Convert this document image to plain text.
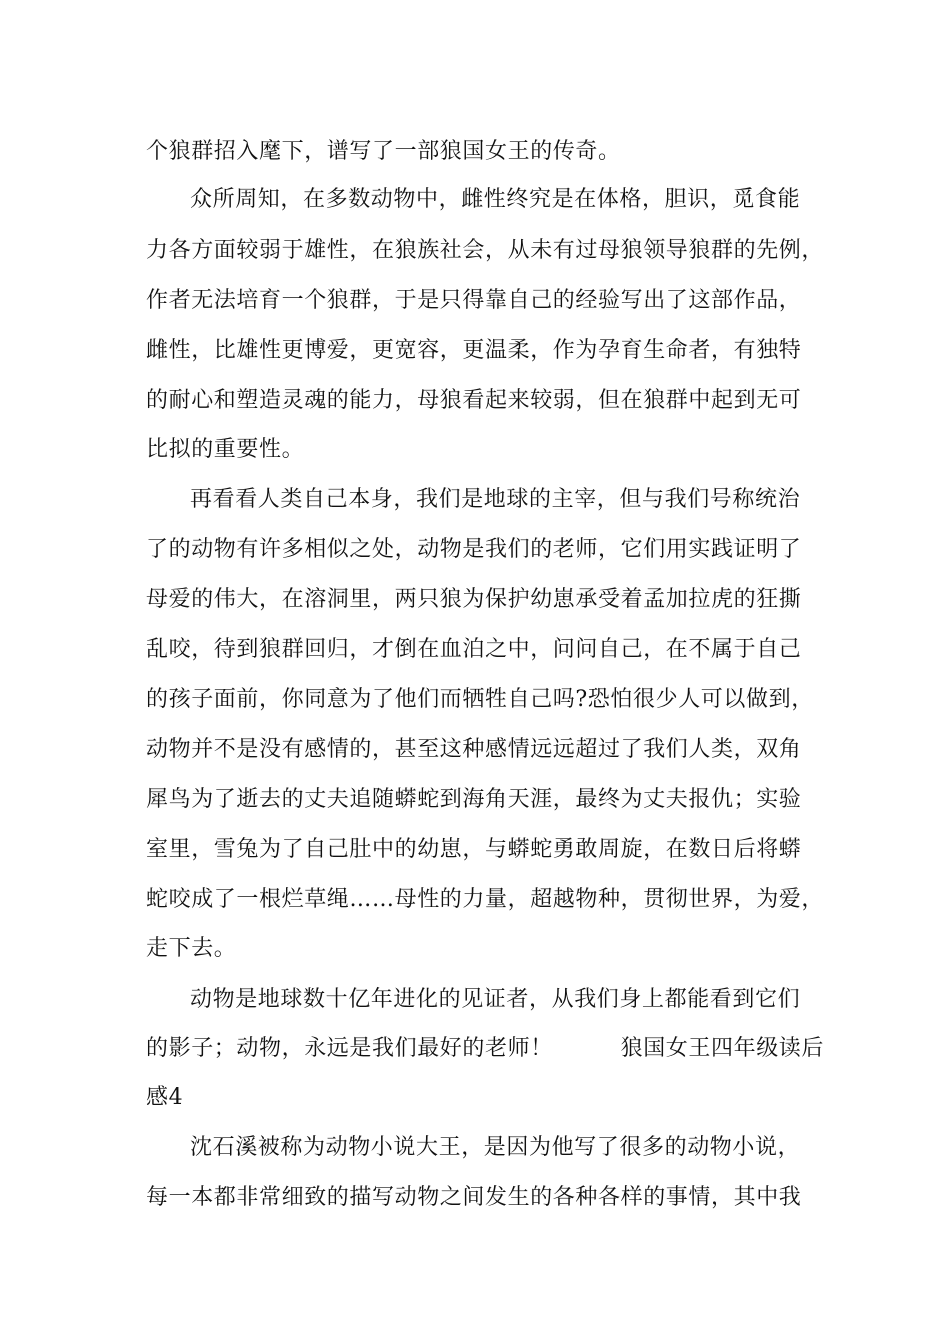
个狼群招入麾下，谱写了一部狼国女王的传奇。
众所周知，在多数动物中，雌性终究是在体格，胆识，觅食能
力各方面较弱于雄性，在狼族社会，从未有过母狼领导狼群的先例，
作者无法培育一个狼群，于是只得靠自己的经验写出了这部作品，
雌性，比雄性更博爱，更宽容，更温柔，作为孕育生命者，有独特
的耐心和塑造灵魂的能力，母狼看起来较弱，但在狼群中起到无可
比拟的重要性。
再看看人类自己本身，我们是地球的主宰，但与我们号称统治
了的动物有许多相似之处，动物是我们的老师，它们用实践证明了
母爱的伟大，在溶洞里，两只狼为保护幼崽承受着孟加拉虎的狂撕
乱咬，待到狼群回归，才倒在血泊之中，问问自己，在不属于自己
的孩子面前，你同意为了他们而牺牲自己吗?恐怕很少人可以做到，
动物并不是没有感情的，甚至这种感情远远超过了我们人类，双角
犀鸟为了逝去的丈夫追随蟒蛇到海角天涯，最终为丈夫报仇；实验
室里，雪兔为了自己肚中的幼崽，与蟒蛇勇敢周旋，在数日后将蟒
蛇咬成了一根烂草绳……母性的力量，超越物种，贯彻世界，为爱，
走下去。
动物是地球数十亿年进化的见证者，从我们身上都能看到它们
的影子；动物，永远是我们最好的老师！　　　狼国女王四年级读后
感4
沈石溪被称为动物小说大王，是因为他写了很多的动物小说，
每一本都非常细致的描写动物之间发生的各种各样的事情，其中我
